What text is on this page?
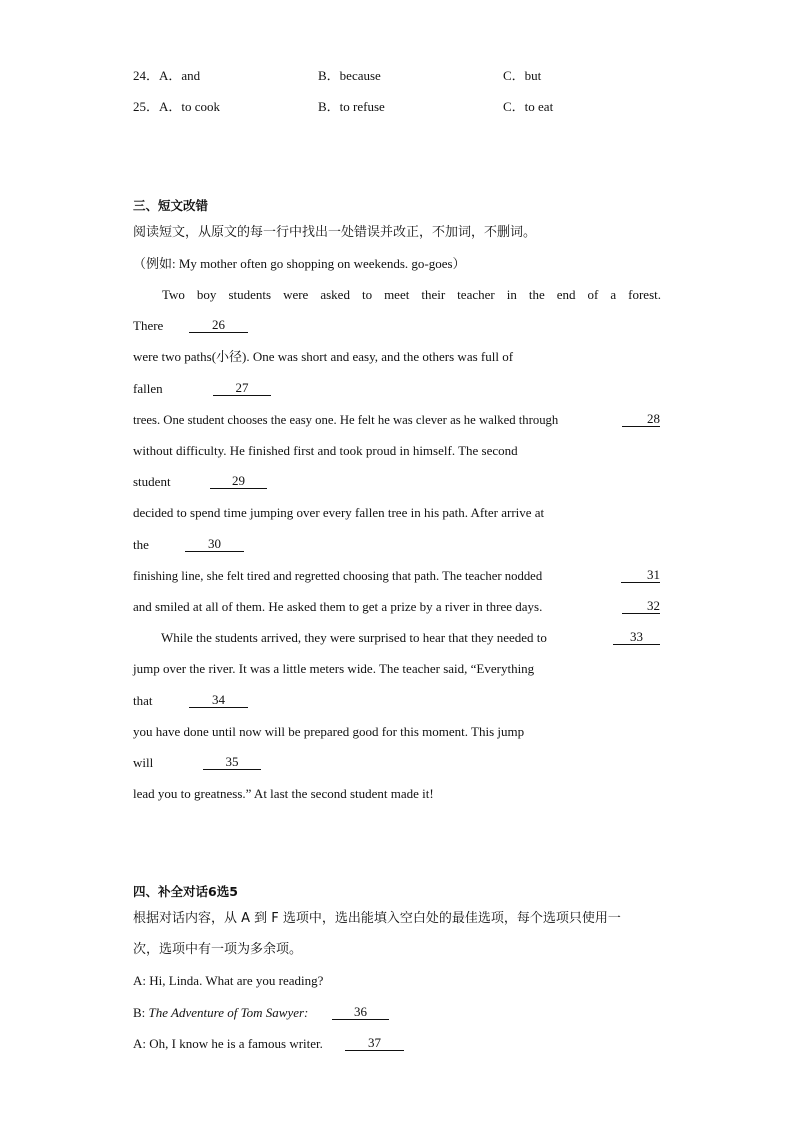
24．A．and	B．because	C．but
25．A．to cook	B．to refuse	C．to eat
三、短文改错
阅读短文，从原文的每一行中找出一处错误并改正，不加词，不删词。
（例如: My mother often go shopping on weekends. go-goes）
Two boy students were asked to meet their teacher in the end of a forest.
There	26
were two paths(小径). One was short and easy, and the others was full of
fallen	27
trees. One student chooses the easy one. He felt he was clever as he walked through	28
without difficulty. He finished first and took proud in himself. The second
student	29
decided to spend time jumping over every fallen tree in his path. After arrive at
the	30
finishing line, she felt tired and regretted choosing that path. The teacher nodded	31
and smiled at all of them. He asked them to get a prize by a river in three days.	32
While the students arrived, they were surprised to hear that they needed to	33
jump over the river. It was a little meters wide. The teacher said, “Everything
that	34
you have done until now will be prepared good for this moment. This jump
will	35
lead you to greatness.” At last the second student made it!
四、补全对话6选5
根据对话内容，从 A 到 F 选项中，选出能填入空白处的最佳选项，每个选项只使用一
次，选项中有一项为多余项。
A: Hi, Linda. What are you reading?
B: The Adventure of Tom Sawyer:	36
A: Oh, I know he is a famous writer.	37
